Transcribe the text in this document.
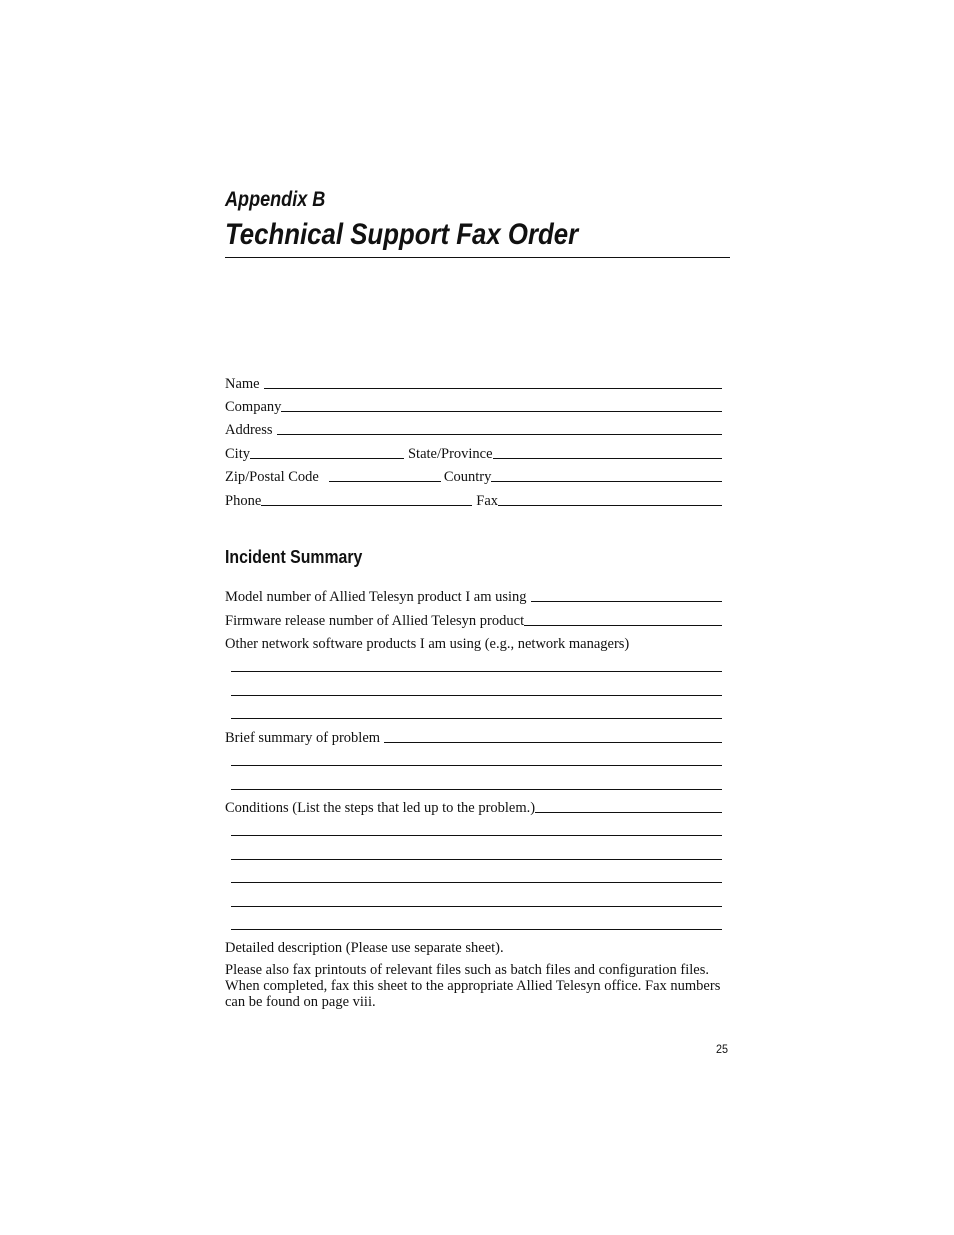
Appendix B
Technical Support Fax Order
Name
Company
Address
City	State/Province
Zip/Postal Code	Country
Phone	Fax
Incident Summary
Model number of Allied Telesyn product I am using
Firmware release number of Allied Telesyn product
Other network software products I am using (e.g., network managers)
Brief summary of problem
Conditions (List the steps that led up to the problem.)
Detailed description (Please use separate sheet).
Please also fax printouts of relevant files such as batch files and configuration files. When completed, fax this sheet to the appropriate Allied Telesyn office. Fax numbers can be found on page viii.
25
